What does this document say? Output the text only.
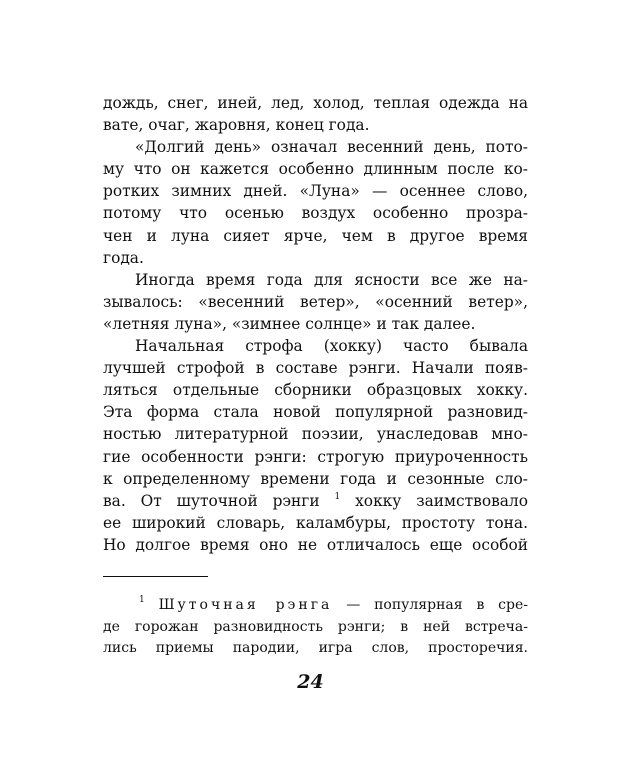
дождь, снег, иней, лед, холод, теплая одежда на
вате, очаг, жаровня, конец года.

«Долгий день» означал весенний день, пото-
му что он кажется особенно длинным после ко-
ротких зимних дней. «Луна» — осеннее слово,
потому что осенью воздух особенно прозра-
чен и луна сияет ярче, чем в другое время
года.

Иногда время года для ясности все же на-
зывалось: «весенний ветер», «осенний ветер»,
«летняя луна», «зимнее солнце» и так далее.

Начальная строфа (хокку) часто бывала
лучшей строфой в составе рэнги. Начали появ-
ляться отдельные сборники образцовых хокку.
Эта форма стала новой популярной разновид-
ностью литературной поэзии, унаследовав мно-
гие особенности рэнги: строгую приуроченность
к определенному времени года и сезонные сло-
ва. От шуточной рэнги $^1$ хокку заимствовало
ее широкий словарь, каламбуры, простоту тона.
Но долгое время оно не отличалось еще особой

$^1$ Шуточная рэнга — популярная в сре-
де горожан разновидность рэнги; в ней встреча-
лись приемы пародии, игра слов, просторечия.
24
